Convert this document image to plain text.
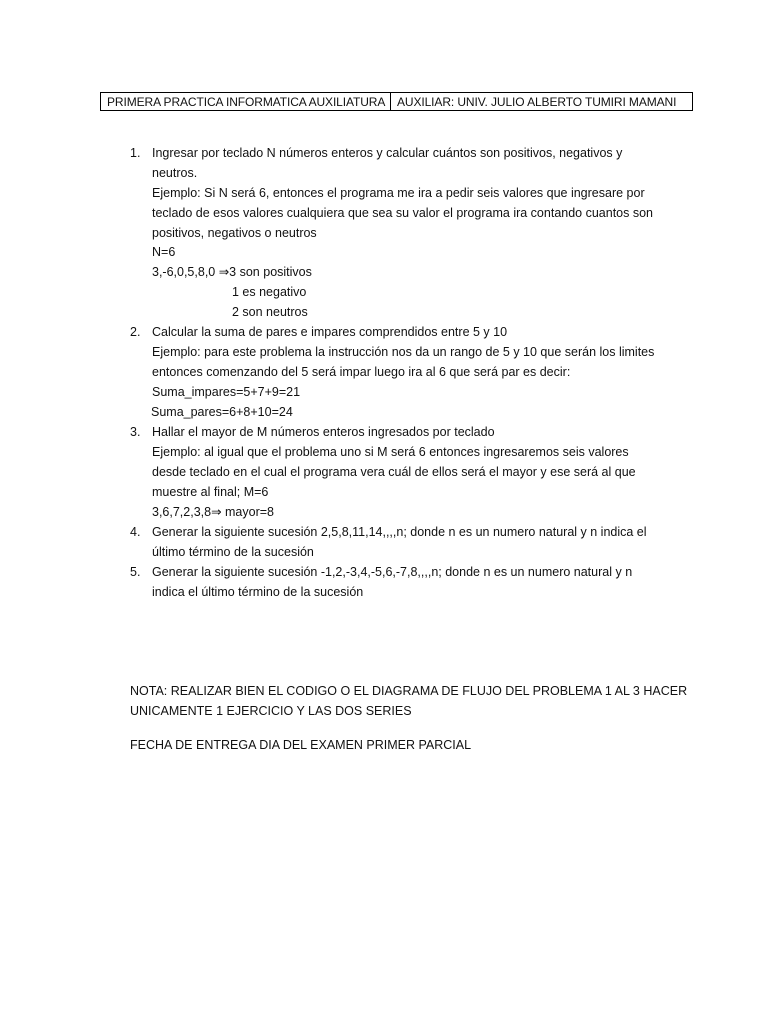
PRIMERA PRACTICA INFORMATICA AUXILIATURA	AUXILIAR: UNIV. JULIO ALBERTO TUMIRI MAMANI
1. Ingresar por teclado N números enteros y calcular cuántos son positivos, negativos y
neutros.
Ejemplo: Si N será 6, entonces el programa me ira a pedir seis valores que ingresare por
teclado de esos valores cualquiera que sea su valor el programa ira contando cuantos son
positivos, negativos o neutros
N=6
3,-6,0,5,8,0 ⇒3 son positivos
1 es negativo
2 son neutros
2. Calcular la suma de pares e impares comprendidos entre 5 y 10
Ejemplo: para este problema la instrucción nos da un rango de 5 y 10 que serán los limites
entonces comenzando del 5 será impar luego ira al 6 que será par es decir:
Suma_impares=5+7+9=21
Suma_pares=6+8+10=24
3. Hallar el mayor de M números enteros ingresados por teclado
Ejemplo: al igual que el problema uno si M será 6 entonces ingresaremos seis valores
desde teclado en el cual el programa vera cuál de ellos será el mayor y ese será al que
muestre al final; M=6
3,6,7,2,3,8⇒ mayor=8
4. Generar la siguiente sucesión 2,5,8,11,14,,,,n; donde n es un numero natural y n indica el
último término de la sucesión
5. Generar la siguiente sucesión -1,2,-3,4,-5,6,-7,8,,,,n; donde n es un numero natural y n
indica el último término de la sucesión
NOTA: REALIZAR BIEN EL CODIGO O EL DIAGRAMA DE FLUJO DEL PROBLEMA 1 AL 3 HACER
UNICAMENTE 1 EJERCICIO Y LAS DOS SERIES
FECHA DE ENTREGA DIA DEL EXAMEN PRIMER PARCIAL
